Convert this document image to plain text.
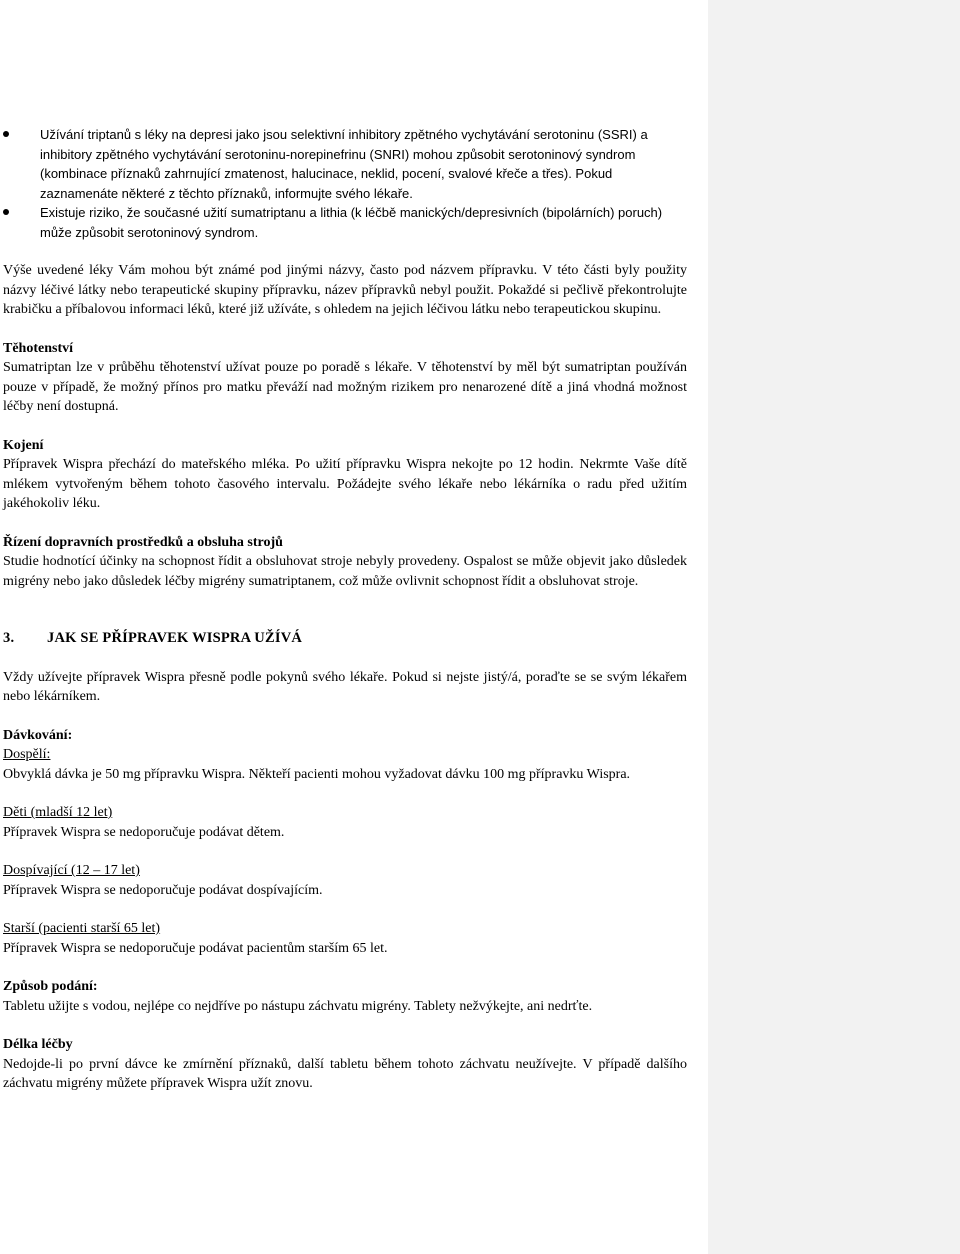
Užívání triptanů s léky na depresi jako jsou selektivní inhibitory zpětného vychytávání serotoninu (SSRI) a inhibitory zpětného vychytávání serotoninu-norepinefrinu (SNRI) mohou způsobit serotoninový syndrom (kombinace příznaků zahrnující zmatenost, halucinace, neklid, pocení, svalové křeče a třes). Pokud zaznamenáte některé z těchto příznaků, informujte svého lékaře.
Existuje riziko, že současné užití sumatriptanu a lithia (k léčbě manických/depresivních (bipolárních) poruch) může způsobit serotoninový syndrom.

Výše uvedené léky Vám mohou být známé pod jinými názvy, často pod názvem přípravku. V této části byly použity názvy léčivé látky nebo terapeutické skupiny přípravku, název přípravků nebyl použit. Pokaždé si pečlivě překontrolujte krabičku a příbalovou informaci léků, které již užíváte, s ohledem na jejich léčivou látku nebo terapeutickou skupinu.

Těhotenství

Sumatriptan lze v průběhu těhotenství užívat pouze po poradě s lékaře. V těhotenství by měl být sumatriptan používán pouze v případě, že možný přínos pro matku převáží nad možným rizikem pro nenarozené dítě a jiná vhodná možnost léčby není dostupná.

Kojení

Přípravek Wispra přechází do mateřského mléka. Po užití přípravku Wispra nekojte po 12 hodin. Nekrmte Vaše dítě mlékem vytvořeným během tohoto časového intervalu. Požádejte svého lékaře nebo lékárníka o radu před užitím jakéhokoliv léku.

Řízení dopravních prostředků a obsluha strojů

Studie hodnotící účinky na schopnost řídit a obsluhovat stroje nebyly provedeny. Ospalost se může objevit jako důsledek migrény nebo jako důsledek léčby migrény sumatriptanem, což může ovlivnit schopnost řídit a obsluhovat stroje.

3. JAK SE PŘÍPRAVEK WISPRA UŽÍVÁ

Vždy užívejte přípravek Wispra přesně podle pokynů svého lékaře. Pokud si nejste jistý/á, poraďte se se svým lékařem nebo lékárníkem.

Dávkování:

Dospělí:

Obvyklá dávka je 50 mg přípravku Wispra. Někteří pacienti mohou vyžadovat dávku 100 mg přípravku Wispra.

Děti (mladší 12 let)

Přípravek Wispra se nedoporučuje podávat dětem.

Dospívající (12 – 17 let)

Přípravek Wispra se nedoporučuje podávat dospívajícím.

Starší (pacienti starší 65 let)

Přípravek Wispra se nedoporučuje podávat pacientům starším 65 let.

Způsob podání:

Tabletu užijte s vodou, nejlépe co nejdříve po nástupu záchvatu migrény. Tablety nežvýkejte, ani nedrťte.

Délka léčby

Nedojde-li po první dávce ke zmírnění příznaků, další tabletu během tohoto záchvatu neužívejte. V případě dalšího záchvatu migrény můžete přípravek Wispra užít znovu.
